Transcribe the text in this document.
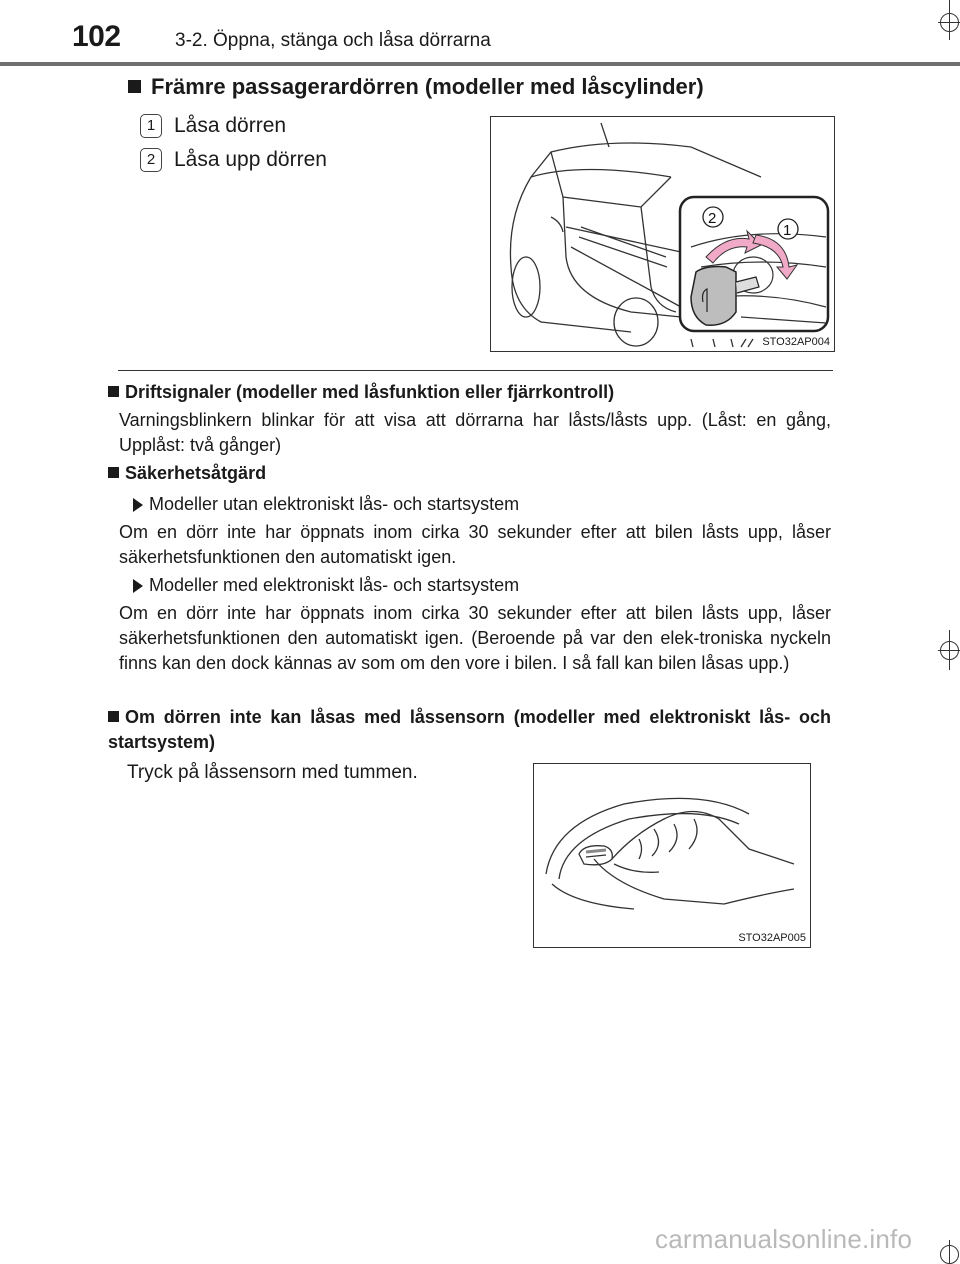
102	3-2. Öppna, stänga och låsa dörrarna
Främre passagerardörren (modeller med låscylinder)
1 Låsa dörren
2 Låsa upp dörren
2
1
STO32AP004
Driftsignaler (modeller med låsfunktion eller fjärrkontroll)
Varningsblinkern blinkar för att visa att dörrarna har låsts/låsts upp. (Låst: en gång, Upplåst: två gånger)
Säkerhetsåtgärd
Modeller utan elektroniskt lås- och startsystem
Om en dörr inte har öppnats inom cirka 30 sekunder efter att bilen låsts upp, låser säkerhetsfunktionen den automatiskt igen.
Modeller med elektroniskt lås- och startsystem
Om en dörr inte har öppnats inom cirka 30 sekunder efter att bilen låsts upp, låser säkerhetsfunktionen den automatiskt igen. (Beroende på var den elek-troniska nyckeln finns kan den dock kännas av som om den vore i bilen. I så fall kan bilen låsas upp.)
Om dörren inte kan låsas med låssensorn (modeller med elektroniskt lås- och startsystem)
Tryck på låssensorn med tummen.
STO32AP005
carmanualsonline.info
